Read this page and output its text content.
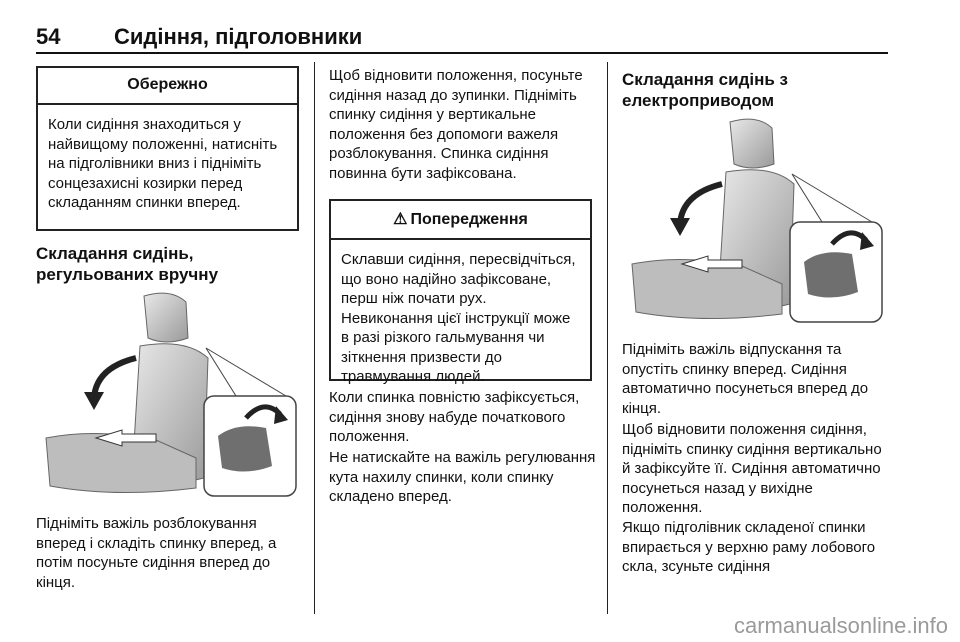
54 Сидіння, підголовники
Обережно
Коли сидіння знаходиться у найвищому положенні, натисніть на підголівники вниз і підніміть сонцезахисні козирки перед складанням спинки вперед.
Складання сидінь, регульованих вручну
Підніміть важіль розблокування вперед і складіть спинку вперед, а потім посуньте сидіння вперед до кінця.
Щоб відновити положення, посуньте сидіння назад до зупинки. Підніміть спинку сидіння у вертикальне положення без допомоги важеля розблокування. Спинка сидіння повинна бути зафіксована.
⚠ Попередження
Склавши сидіння, пересвідчіться, що воно надійно зафіксоване, перш ніж почати рух. Невиконання цієї інструкції може в разі різкого гальмування чи зіткнення призвести до травмування людей.
Коли спинка повністю зафіксується, сидіння знову набуде початкового положення.
Не натискайте на важіль регулювання кута нахилу спинки, коли спинку складено вперед.
Складання сидінь з електроприводом
Підніміть важіль відпускання та опустіть спинку вперед. Сидіння автоматично посунеться вперед до кінця.
Щоб відновити положення сидіння, підніміть спинку сидіння вертикально й зафіксуйте її. Сидіння автоматично посунеться назад у вихідне положення.
Якщо підголівник складеної спинки впирається у верхню раму лобового скла, зсуньте сидіння
carmanualsonline.info
